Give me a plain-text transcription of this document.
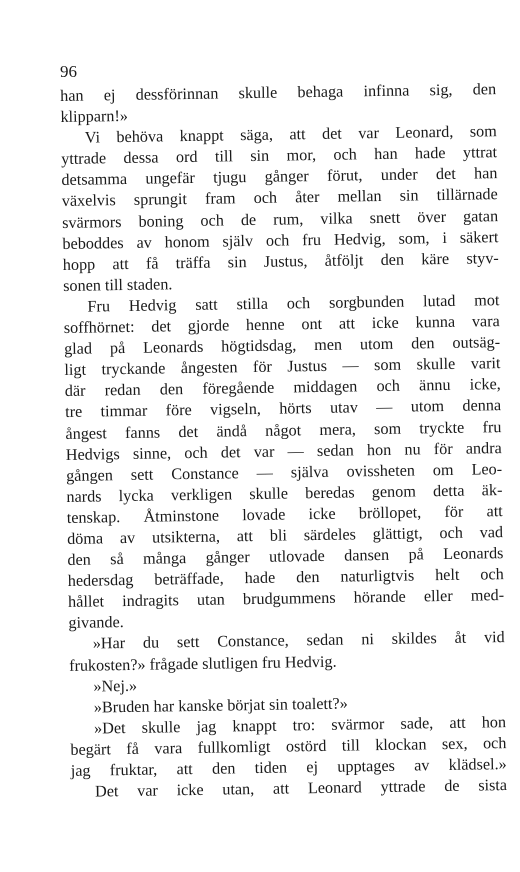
96
han ej dessförinnan skulle behaga infinna sig, den
klipparn!»
Vi behöva knappt säga, att det var Leonard, som
yttrade dessa ord till sin mor, och han hade yttrat
detsamma ungefär tjugu gånger förut, under det han
växelvis sprungit fram och åter mellan sin tillärnade
svärmors boning och de rum, vilka snett över gatan
beboddes av honom själv och fru Hedvig, som, i säkert
hopp att få träffa sin Justus, åtföljt den käre styv-
sonen till staden.
Fru Hedvig satt stilla och sorgbunden lutad mot
soffhörnet: det gjorde henne ont att icke kunna vara
glad på Leonards högtidsdag, men utom den outsäg-
ligt tryckande ångesten för Justus — som skulle varit
där redan den föregående middagen och ännu icke,
tre timmar före vigseln, hörts utav — utom denna
ångest fanns det ändå något mera, som tryckte fru
Hedvigs sinne, och det var — sedan hon nu för andra
gången sett Constance — själva ovissheten om Leo-
nards lycka verkligen skulle beredas genom detta äk-
tenskap. Åtminstone lovade icke bröllopet, för att
döma av utsikterna, att bli särdeles glättigt, och vad
den så många gånger utlovade dansen på Leonards
hedersdag beträffade, hade den naturligtvis helt och
hållet indragits utan brudgummens hörande eller med-
givande.
»Har du sett Constance, sedan ni skildes åt vid
frukosten?» frågade slutligen fru Hedvig.
»Nej.»
»Bruden har kanske börjat sin toalett?»
»Det skulle jag knappt tro: svärmor sade, att hon
begärt få vara fullkomligt ostörd till klockan sex, och
jag fruktar, att den tiden ej upptages av klädsel.»
Det var icke utan, att Leonard yttrade de sista
